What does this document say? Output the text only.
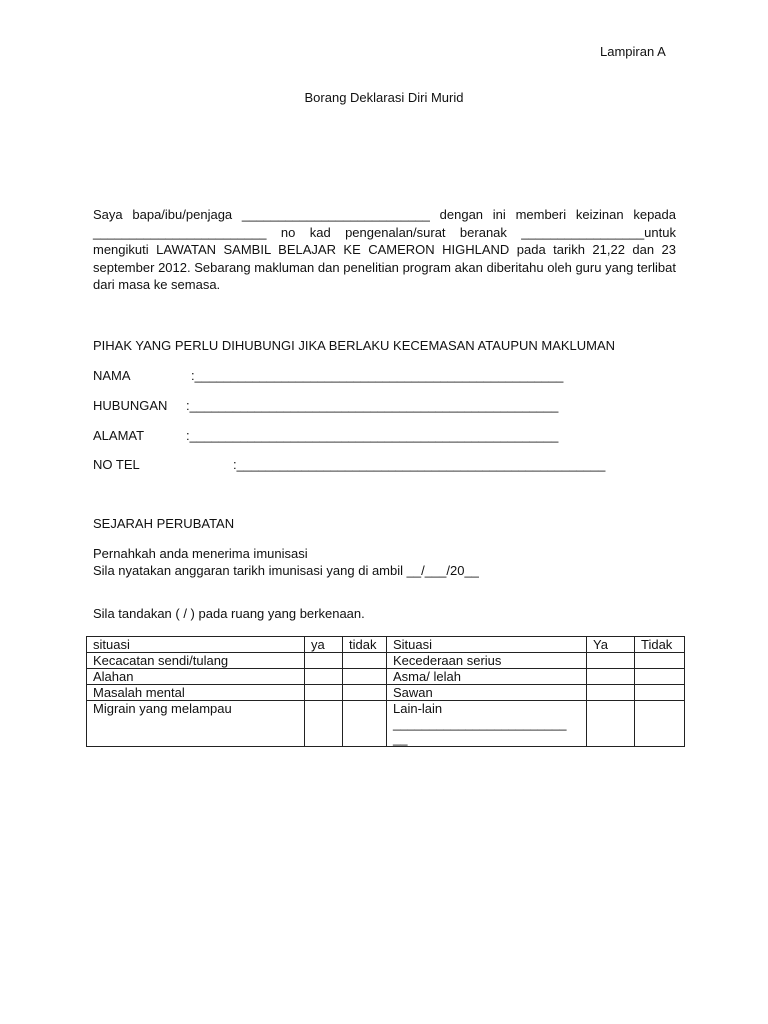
Lampiran A
Borang Deklarasi Diri Murid

Saya bapa/ibu/penjaga __________________________ dengan ini memberi keizinan kepada ________________________ no kad pengenalan/surat beranak _________________untuk mengikuti LAWATAN SAMBIL BELAJAR KE CAMERON HIGHLAND pada tarikh 21,22 dan 23 september 2012. Sebarang makluman dan penelitian program akan diberitahu oleh guru yang terlibat dari masa ke semasa.

PIHAK YANG PERLU DIHUBUNGI JIKA BERLAKU KECEMASAN ATAUPUN MAKLUMAN
NAMA	:___________________________________________________
HUBUNGAN :___________________________________________________
ALAMAT	:___________________________________________________
NO TEL	:___________________________________________________
SEJARAH PERUBATAN
Pernahkah anda menerima imunisasi
Sila nyatakan anggaran tarikh imunisasi yang di ambil __/___/20__
Sila tandakan ( / ) pada ruang yang berkenaan.
situasi	ya	tidak	Situasi	Ya	Tidak
Kecacatan sendi/tulang			Kecederaan serius		
Alahan			Asma/ lelah		
Masalah mental			Sawan		
Migrain yang melampau			Lain-lain
________________________
__		
